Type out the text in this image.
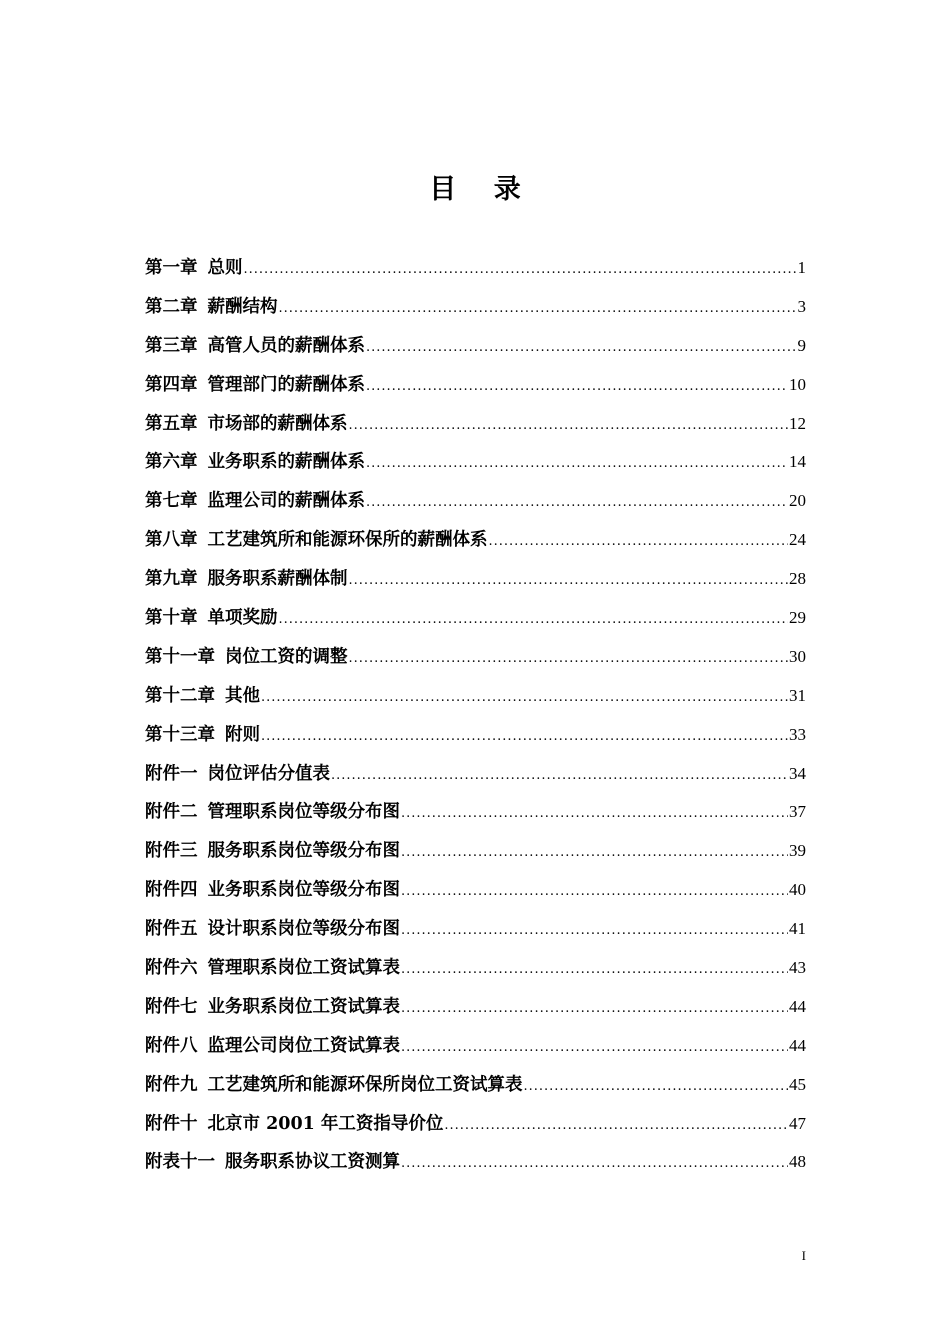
目 录
第一章 总则 .....	1
第二章 薪酬结构 .....	3
第三章 高管人员的薪酬体系 .....	9
第四章 管理部门的薪酬体系 .....	10
第五章 市场部的薪酬体系 .....	12
第六章 业务职系的薪酬体系 .....	14
第七章 监理公司的薪酬体系 .....	20
第八章 工艺建筑所和能源环保所的薪酬体系 .....	24
第九章 服务职系薪酬体制 .....	28
第十章 单项奖励 .....	29
第十一章 岗位工资的调整 .....	30
第十二章 其他 .....	31
第十三章 附则 .....	33
附件一 岗位评估分值表 .....	34
附件二 管理职系岗位等级分布图 .....	37
附件三 服务职系岗位等级分布图 .....	39
附件四 业务职系岗位等级分布图 .....	40
附件五 设计职系岗位等级分布图 .....	41
附件六 管理职系岗位工资试算表 .....	43
附件七 业务职系岗位工资试算表 .....	44
附件八 监理公司岗位工资试算表 .....	44
附件九 工艺建筑所和能源环保所岗位工资试算表 .....	45
附件十 北京市 2001 年工资指导价位 .....	47
附表十一 服务职系协议工资测算 .....	48
I
